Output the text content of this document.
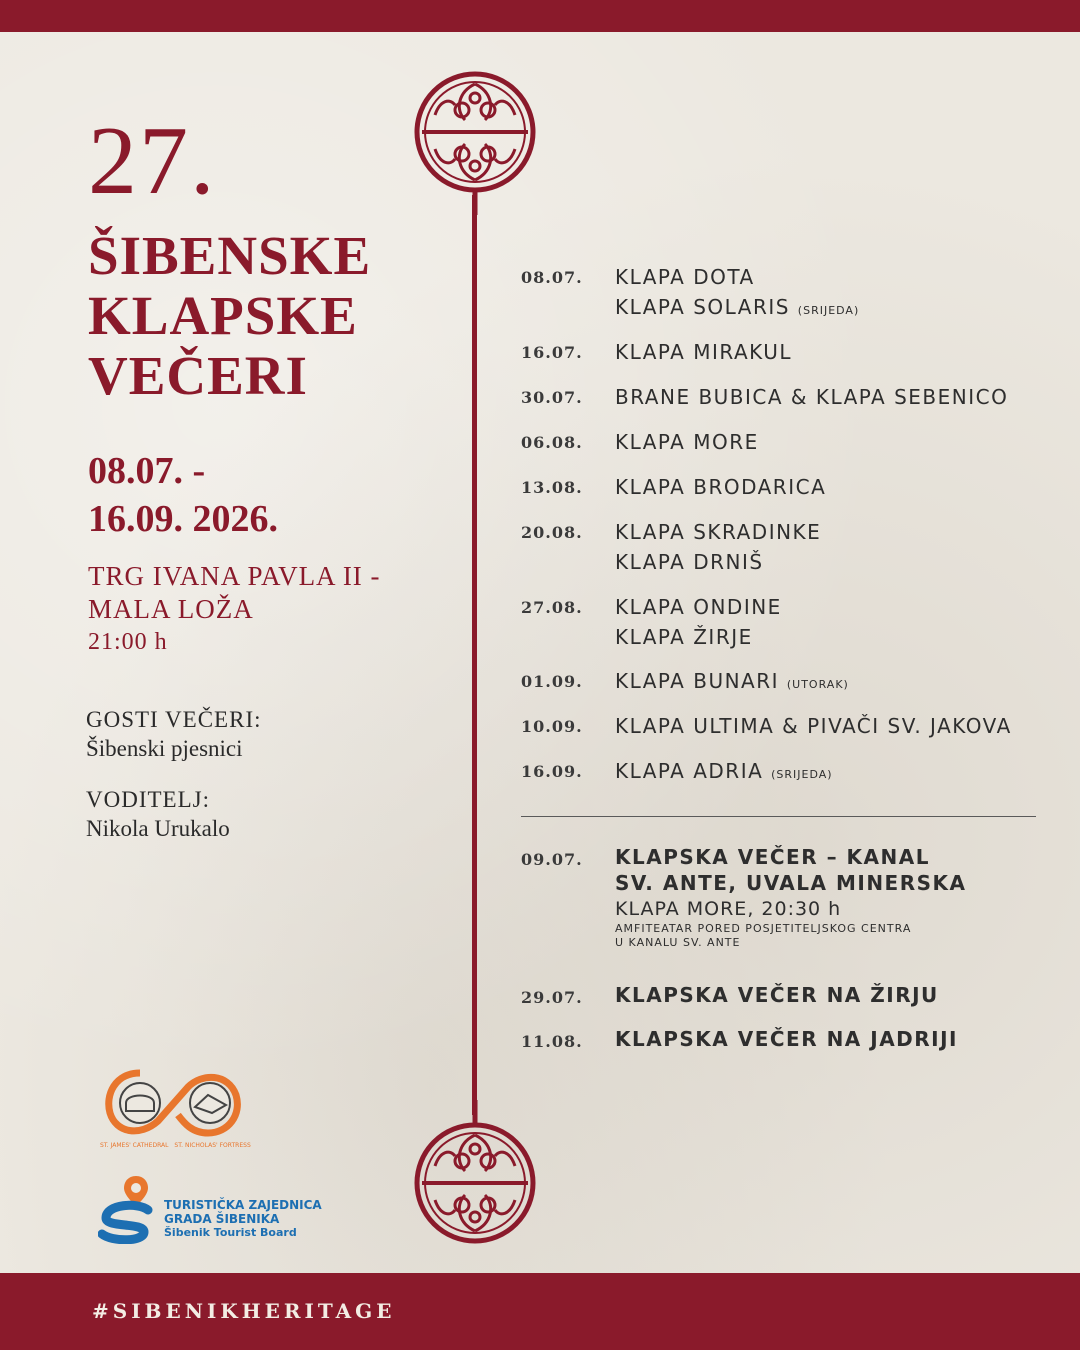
27.
ŠIBENSKE
KLAPSKE
VEČERI
08.07. -
16.09. 2026.
TRG IVANA PAVLA II -
MALA LOŽA
21:00 h
GOSTI VEČERI:
Šibenski pjesnici
VODITELJ:
Nikola Urukalo
08.07.	KLAPA DOTA
KLAPA SOLARIS (SRIJEDA)
16.07.	KLAPA MIRAKUL
30.07.	BRANE BUBICA & KLAPA SEBENICO
06.08.	KLAPA MORE
13.08.	KLAPA BRODARICA
20.08.	KLAPA SKRADINKE
KLAPA DRNIŠ
27.08.	KLAPA ONDINE
KLAPA ŽIRJE
01.09.	KLAPA BUNARI (UTORAK)
10.09.	KLAPA ULTIMA & PIVAČI SV. JAKOVA
16.09.	KLAPA ADRIA (SRIJEDA)
09.07.	KLAPSKA VEČER – KANAL
SV. ANTE, UVALA MINERSKA
KLAPA MORE, 20:30 h
AMFITEATAR PORED POSJETITELJSKOG CENTRA
U KANALU SV. ANTE
29.07.	KLAPSKA VEČER NA ŽIRJU
11.08.	KLAPSKA VEČER NA JADRIJI
ST. JAMES' CATHEDRAL ST. NICHOLAS' FORTRESS
TURISTIČKA ZAJEDNICA
GRADA ŠIBENIKA
Šibenik Tourist Board
#SIBENIKHERITAGE
